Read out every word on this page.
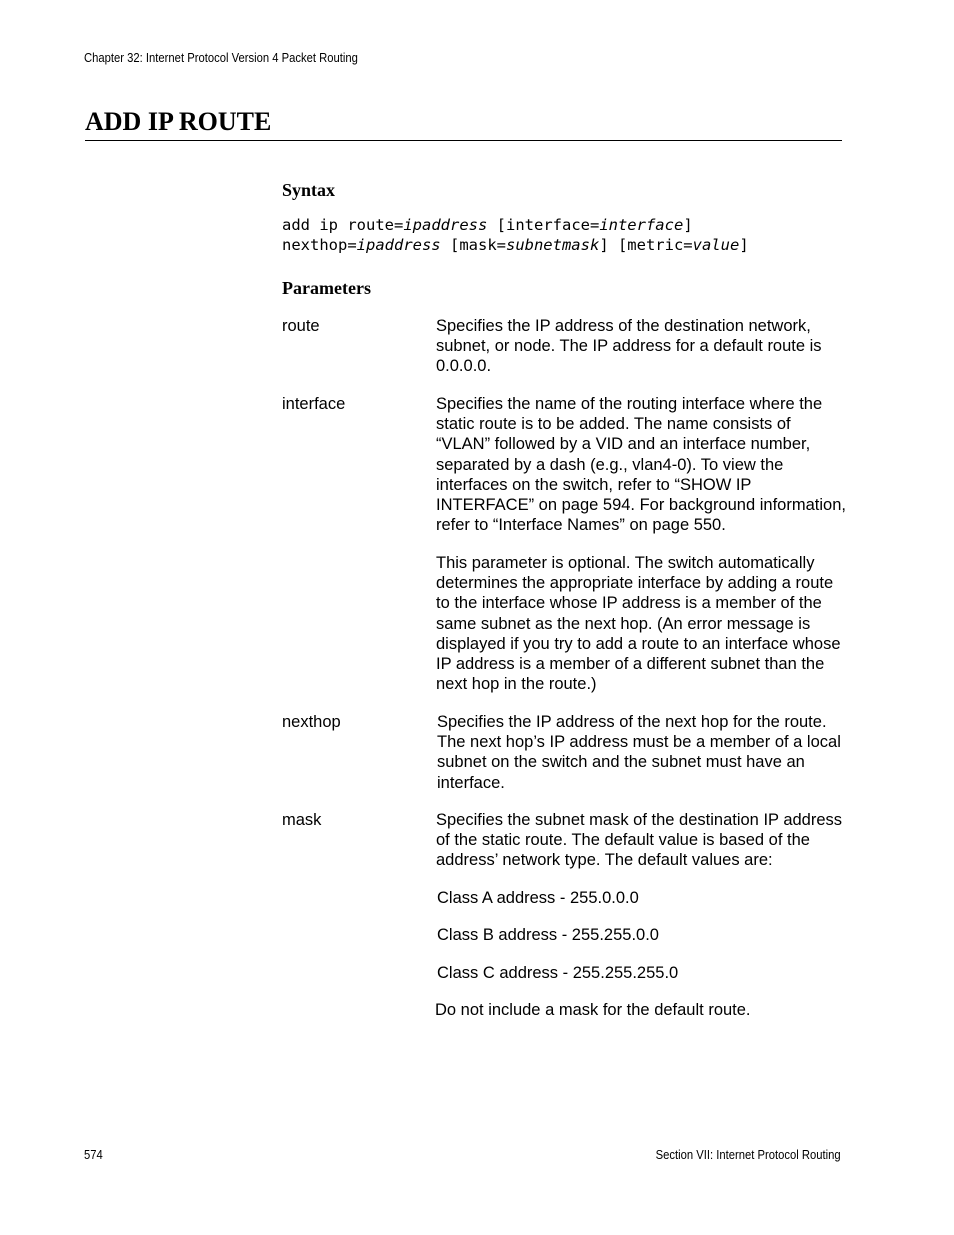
Chapter 32: Internet Protocol Version 4 Packet Routing
ADD IP ROUTE
Syntax
add ip route=ipaddress [interface=interface]
nexthop=ipaddress [mask=subnetmask] [metric=value]
Parameters
route	Specifies the IP address of the destination network, subnet, or node. The IP address for a default route is 0.0.0.0.
interface	Specifies the name of the routing interface where the static route is to be added. The name consists of “VLAN” followed by a VID and an interface number, separated by a dash (e.g., vlan4-0). To view the interfaces on the switch, refer to “SHOW IP INTERFACE” on page 594. For background information, refer to “Interface Names” on page 550.
This parameter is optional. The switch automatically determines the appropriate interface by adding a route to the interface whose IP address is a member of the same subnet as the next hop. (An error message is displayed if you try to add a route to an interface whose IP address is a member of a different subnet than the next hop in the route.)
nexthop	Specifies the IP address of the next hop for the route. The next hop’s IP address must be a member of a local subnet on the switch and the subnet must have an interface.
mask	Specifies the subnet mask of the destination IP address of the static route. The default value is based of the address’ network type. The default values are:
Class A address - 255.0.0.0
Class B address - 255.255.0.0
Class C address - 255.255.255.0
Do not include a mask for the default route.
574	Section VII: Internet Protocol Routing
